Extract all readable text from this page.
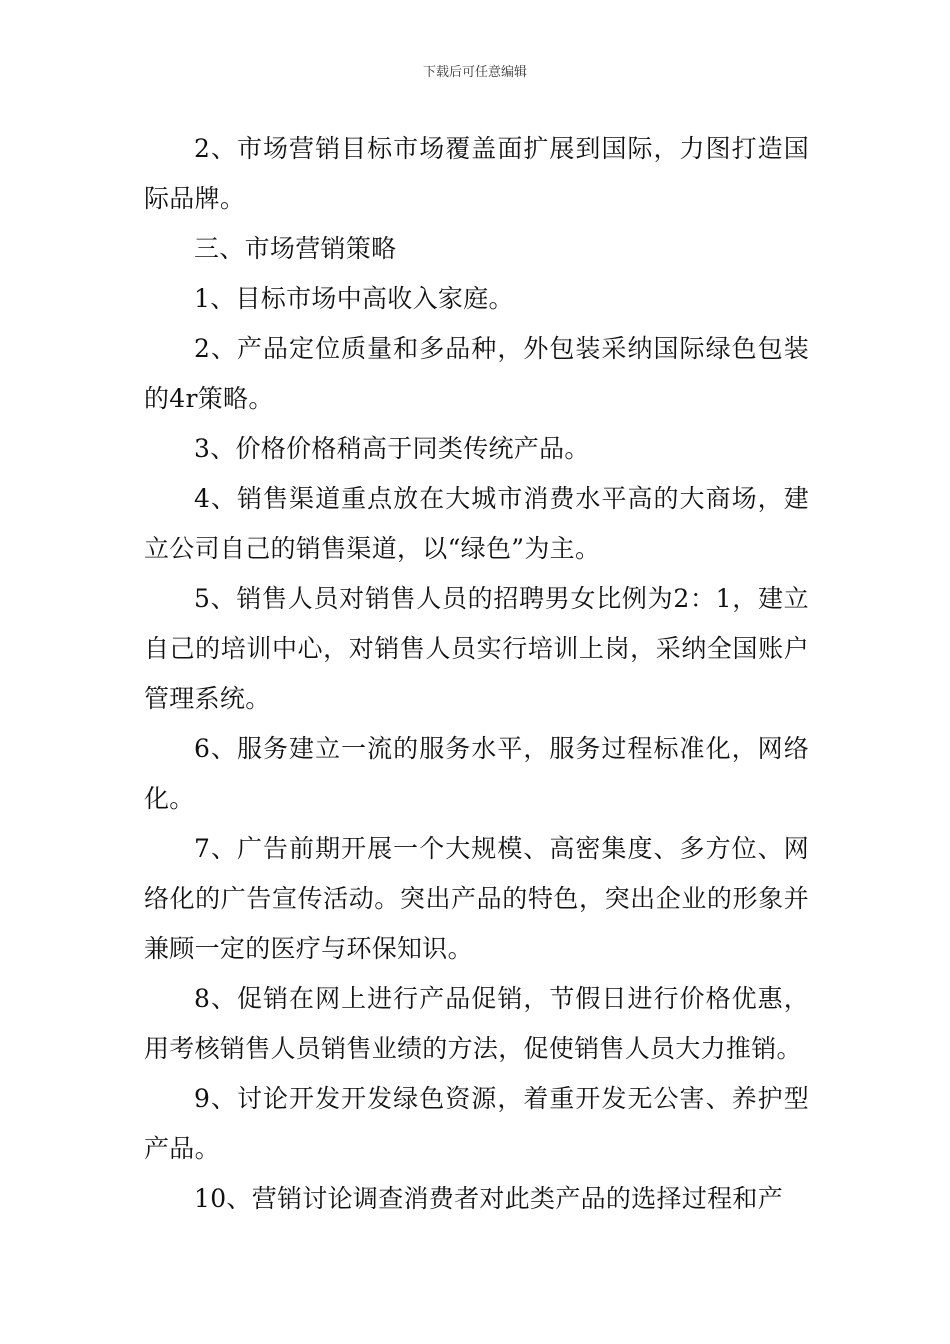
下载后可任意编辑

2、市场营销目标市场覆盖面扩展到国际，力图打造国际品牌。

三、市场营销策略

1、目标市场中高收入家庭。

2、产品定位质量和多品种，外包装采纳国际绿色包装的4r策略。

3、价格价格稍高于同类传统产品。

4、销售渠道重点放在大城市消费水平高的大商场，建立公司自己的销售渠道，以“绿色”为主。

5、销售人员对销售人员的招聘男女比例为2：1，建立自己的培训中心，对销售人员实行培训上岗，采纳全国账户管理系统。

6、服务建立一流的服务水平，服务过程标准化，网络化。

7、广告前期开展一个大规模、高密集度、多方位、网络化的广告宣传活动。突出产品的特色，突出企业的形象并兼顾一定的医疗与环保知识。

8、促销在网上进行产品促销，节假日进行价格优惠，用考核销售人员销售业绩的方法，促使销售人员大力推销。

9、讨论开发开发绿色资源，着重开发无公害、养护型产品。

10、营销讨论调查消费者对此类产品的选择过程和产
